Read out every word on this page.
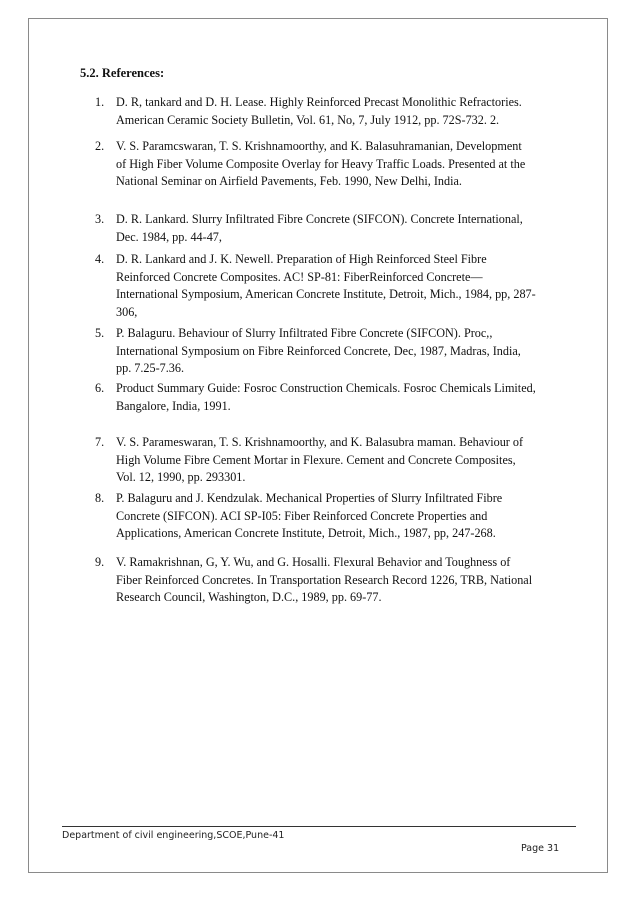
5.2. References:
1. D. R, tankard and D. H. Lease. Highly Reinforced Precast Monolithic Refractories.
American Ceramic Society Bulletin, Vol. 61, No, 7, July 1912, pp. 72S-732. 2.
2. V. S. Paramcswaran, T. S. Krishnamoorthy, and K. Balasuhramanian, Development
of High Fiber Volume Composite Overlay for Heavy Traffic Loads. Presented at the
National Seminar on Airfield Pavements, Feb. 1990, New Delhi, India.
3. D. R. Lankard. Slurry Infiltrated Fibre Concrete (SIFCON). Concrete International,
Dec. 1984, pp. 44-47,
4. D. R. Lankard and J. K. Newell. Preparation of High Reinforced Steel Fibre
Reinforced Concrete Composites. AC! SP-81: FiberReinforced Concrete—
International Symposium, American Concrete Institute, Detroit, Mich., 1984, pp, 287-
306,
5. P. Balaguru. Behaviour of Slurry Infiltrated Fibre Concrete (SIFCON). Proc,,
International Symposium on Fibre Reinforced Concrete, Dec, 1987, Madras, India,
pp. 7.25-7.36.
6. Product Summary Guide: Fosroc Construction Chemicals. Fosroc Chemicals Limited,
Bangalore, India, 1991.
7. V. S. Parameswaran, T. S. Krishnamoorthy, and K. Balasubra maman. Behaviour of
High Volume Fibre Cement Mortar in Flexure. Cement and Concrete Composites,
Vol. 12, 1990, pp. 293301.
8. P. Balaguru and J. Kendzulak. Mechanical Properties of Slurry Infiltrated Fibre
Concrete (SIFCON). ACI SP-I05: Fiber Reinforced Concrete Properties and
Applications, American Concrete Institute, Detroit, Mich., 1987, pp, 247-268.
9. V. Ramakrishnan, G, Y. Wu, and G. Hosalli. Flexural Behavior and Toughness of
Fiber Reinforced Concretes. In Transportation Research Record 1226, TRB, National
Research Council, Washington, D.C., 1989, pp. 69-77.
Department of civil engineering,SCOE,Pune-41
Page 31
